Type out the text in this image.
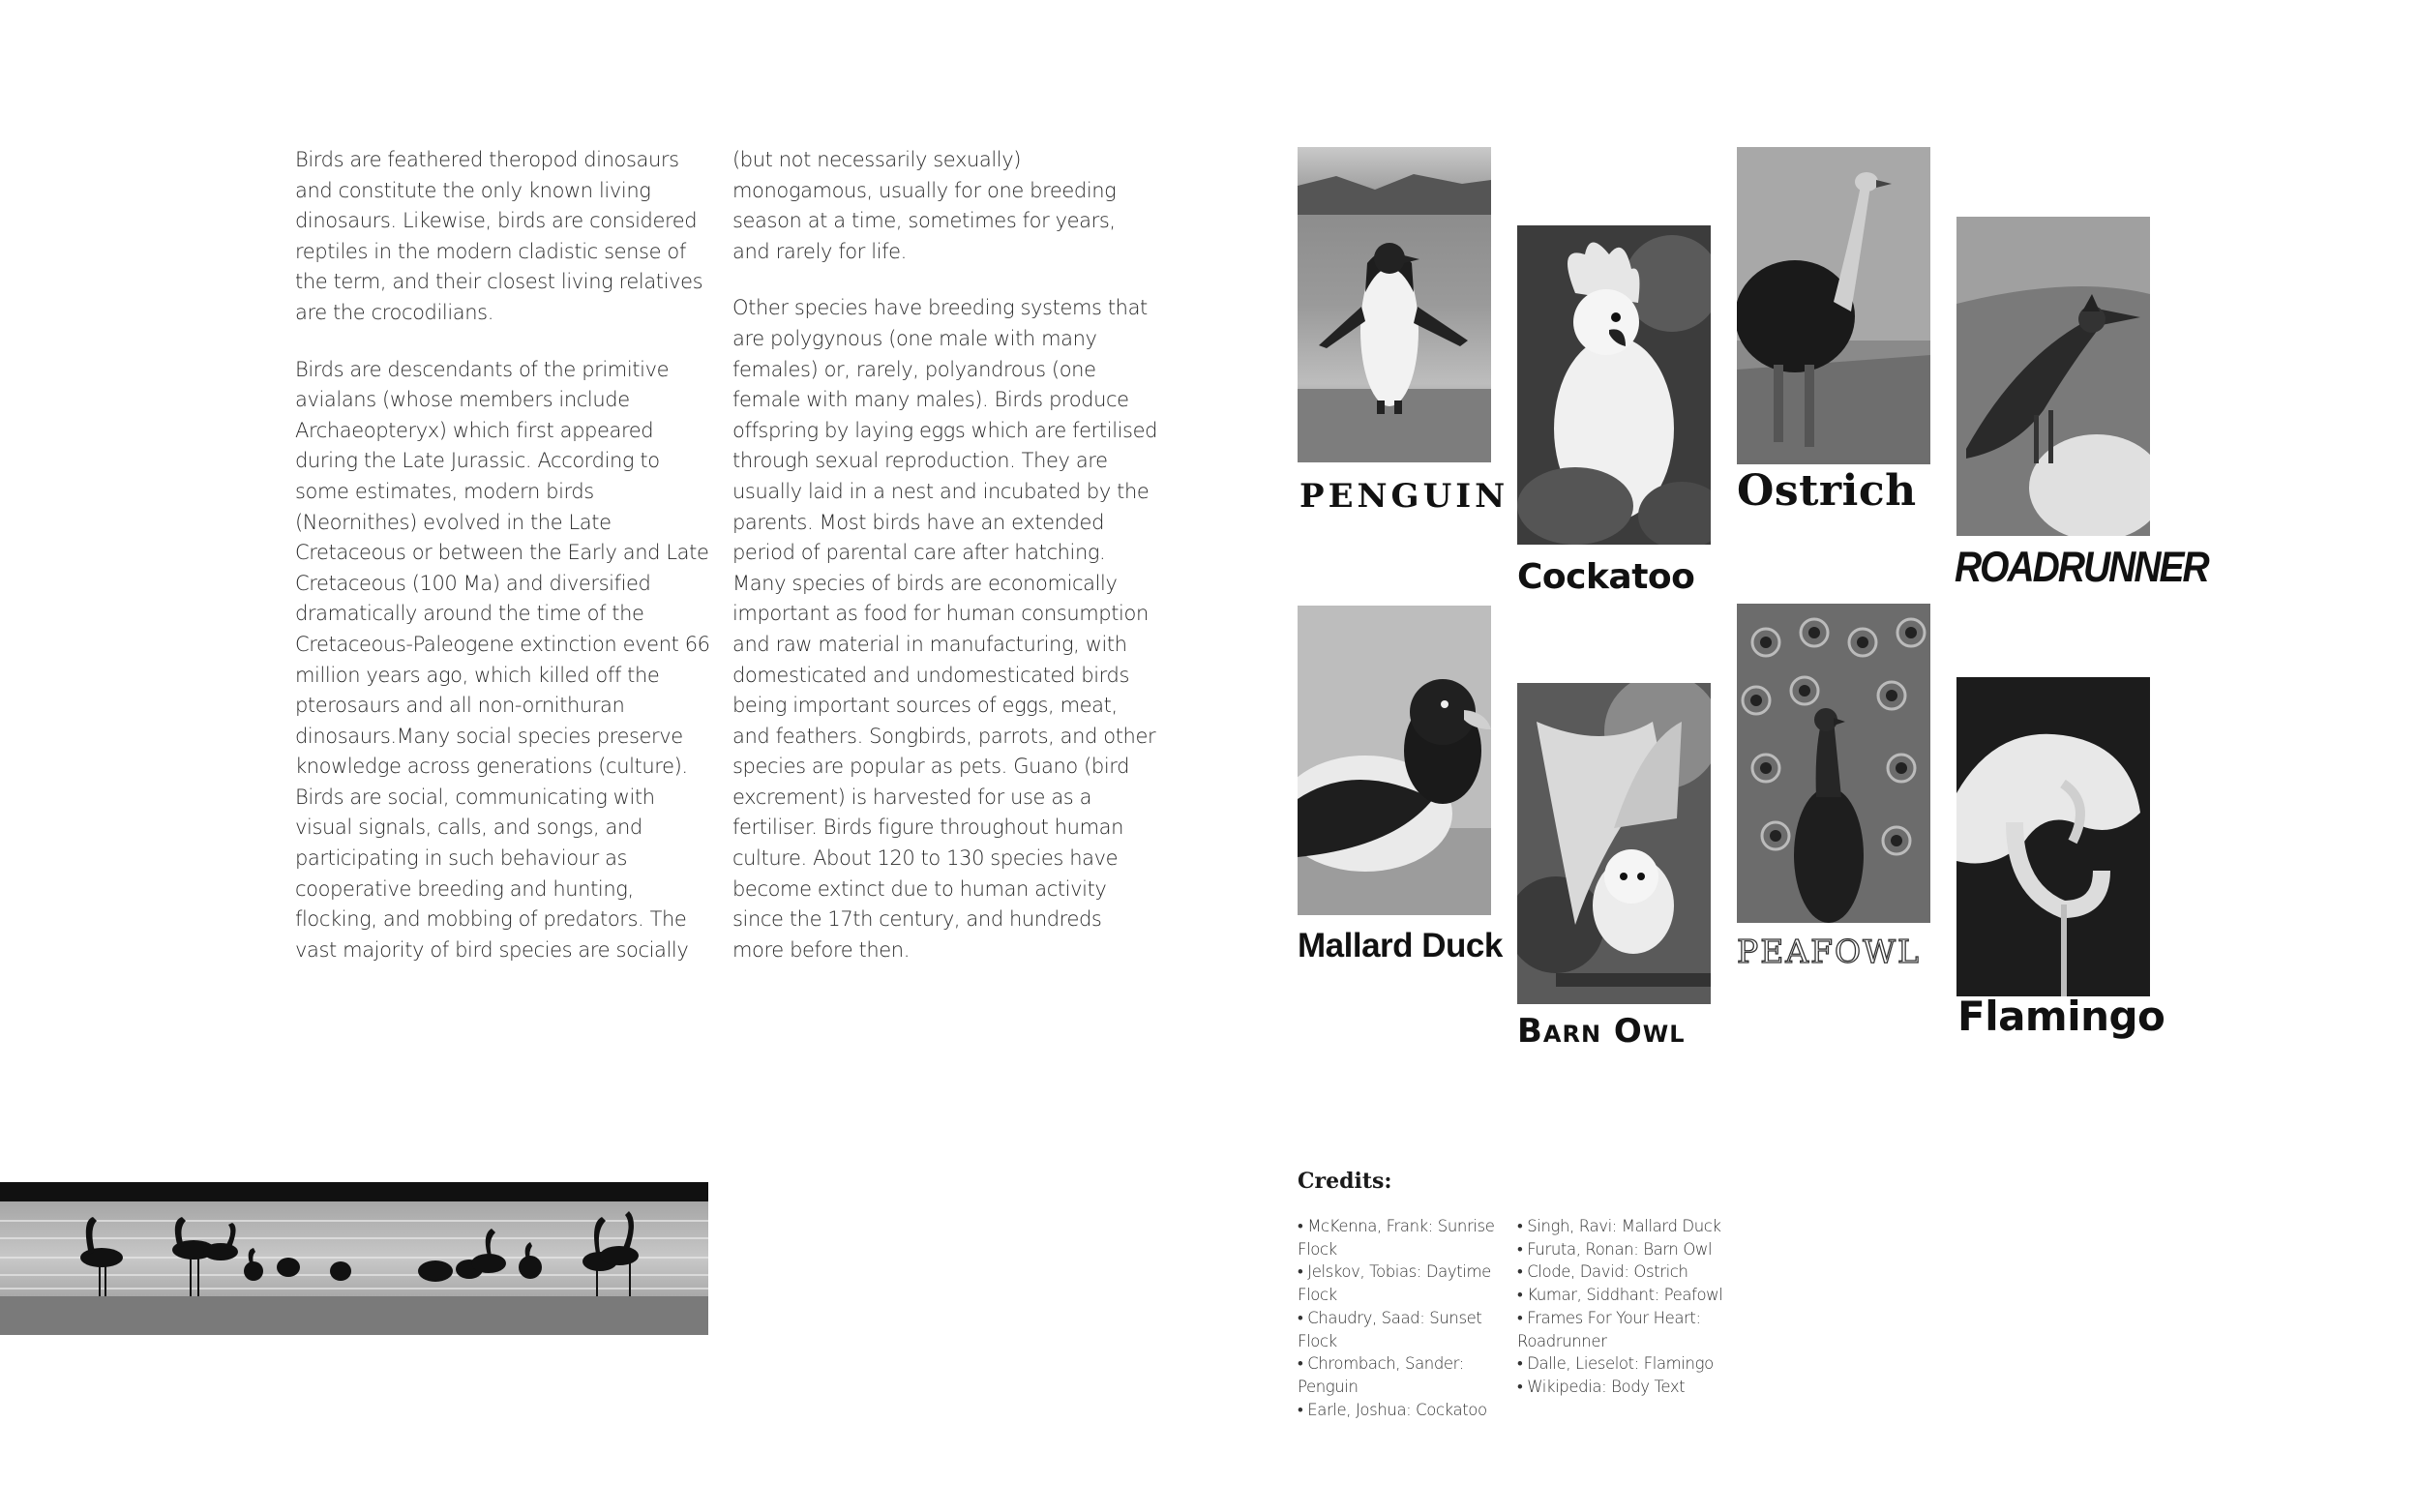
Birds are feathered theropod dinosaurs and constitute the only known living dinosaurs. Likewise, birds are considered reptiles in the modern cladistic sense of the term, and their closest living relatives are the crocodilians.

Birds are descendants of the primitive avialans (whose members include Archaeopteryx) which first appeared during the Late Jurassic. According to some estimates, modern birds (Neornithes) evolved in the Late Cretaceous or between the Early and Late Cretaceous (100 Ma) and diversified dramatically around the time of the Cretaceous-Paleogene extinction event 66 million years ago, which killed off the pterosaurs and all non-ornithuran dinosaurs.Many social species preserve knowledge across generations (culture). Birds are social, communicating with visual signals, calls, and songs, and participating in such behaviour as cooperative breeding and hunting, flocking, and mobbing of predators. The vast majority of bird species are socially

(but not necessarily sexually) monogamous, usually for one breeding season at a time, sometimes for years, and rarely for life.

Other species have breeding systems that are polygynous (one male with many females) or, rarely, polyandrous (one female with many males). Birds produce offspring by laying eggs which are fertilised through sexual reproduction. They are usually laid in a nest and incubated by the parents. Most birds have an extended period of parental care after hatching. Many species of birds are economically important as food for human consumption and raw material in manufacturing, with domesticated and undomesticated birds being important sources of eggs, meat, and feathers. Songbirds, parrots, and other species are popular as pets. Guano (bird excrement) is harvested for use as a fertiliser. Birds figure throughout human culture. About 120 to 130 species have become extinct due to human activity since the 17th century, and hundreds more before then.

PENGUIN
Cockatoo
Ostrich
ROADRUNNER
Mallard Duck
Barn Owl
PEAFOWL
Flamingo
Credits:
• McKenna, Frank: Sunrise Flock
• Jelskov, Tobias: Daytime Flock
• Chaudry, Saad: Sunset Flock
• Chrombach, Sander: Penguin
• Earle, Joshua: Cockatoo
• Singh, Ravi: Mallard Duck
• Furuta, Ronan: Barn Owl
• Clode, David: Ostrich
• Kumar, Siddhant: Peafowl
• Frames For Your Heart: Roadrunner
• Dalle, Lieselot: Flamingo
• Wikipedia: Body Text
